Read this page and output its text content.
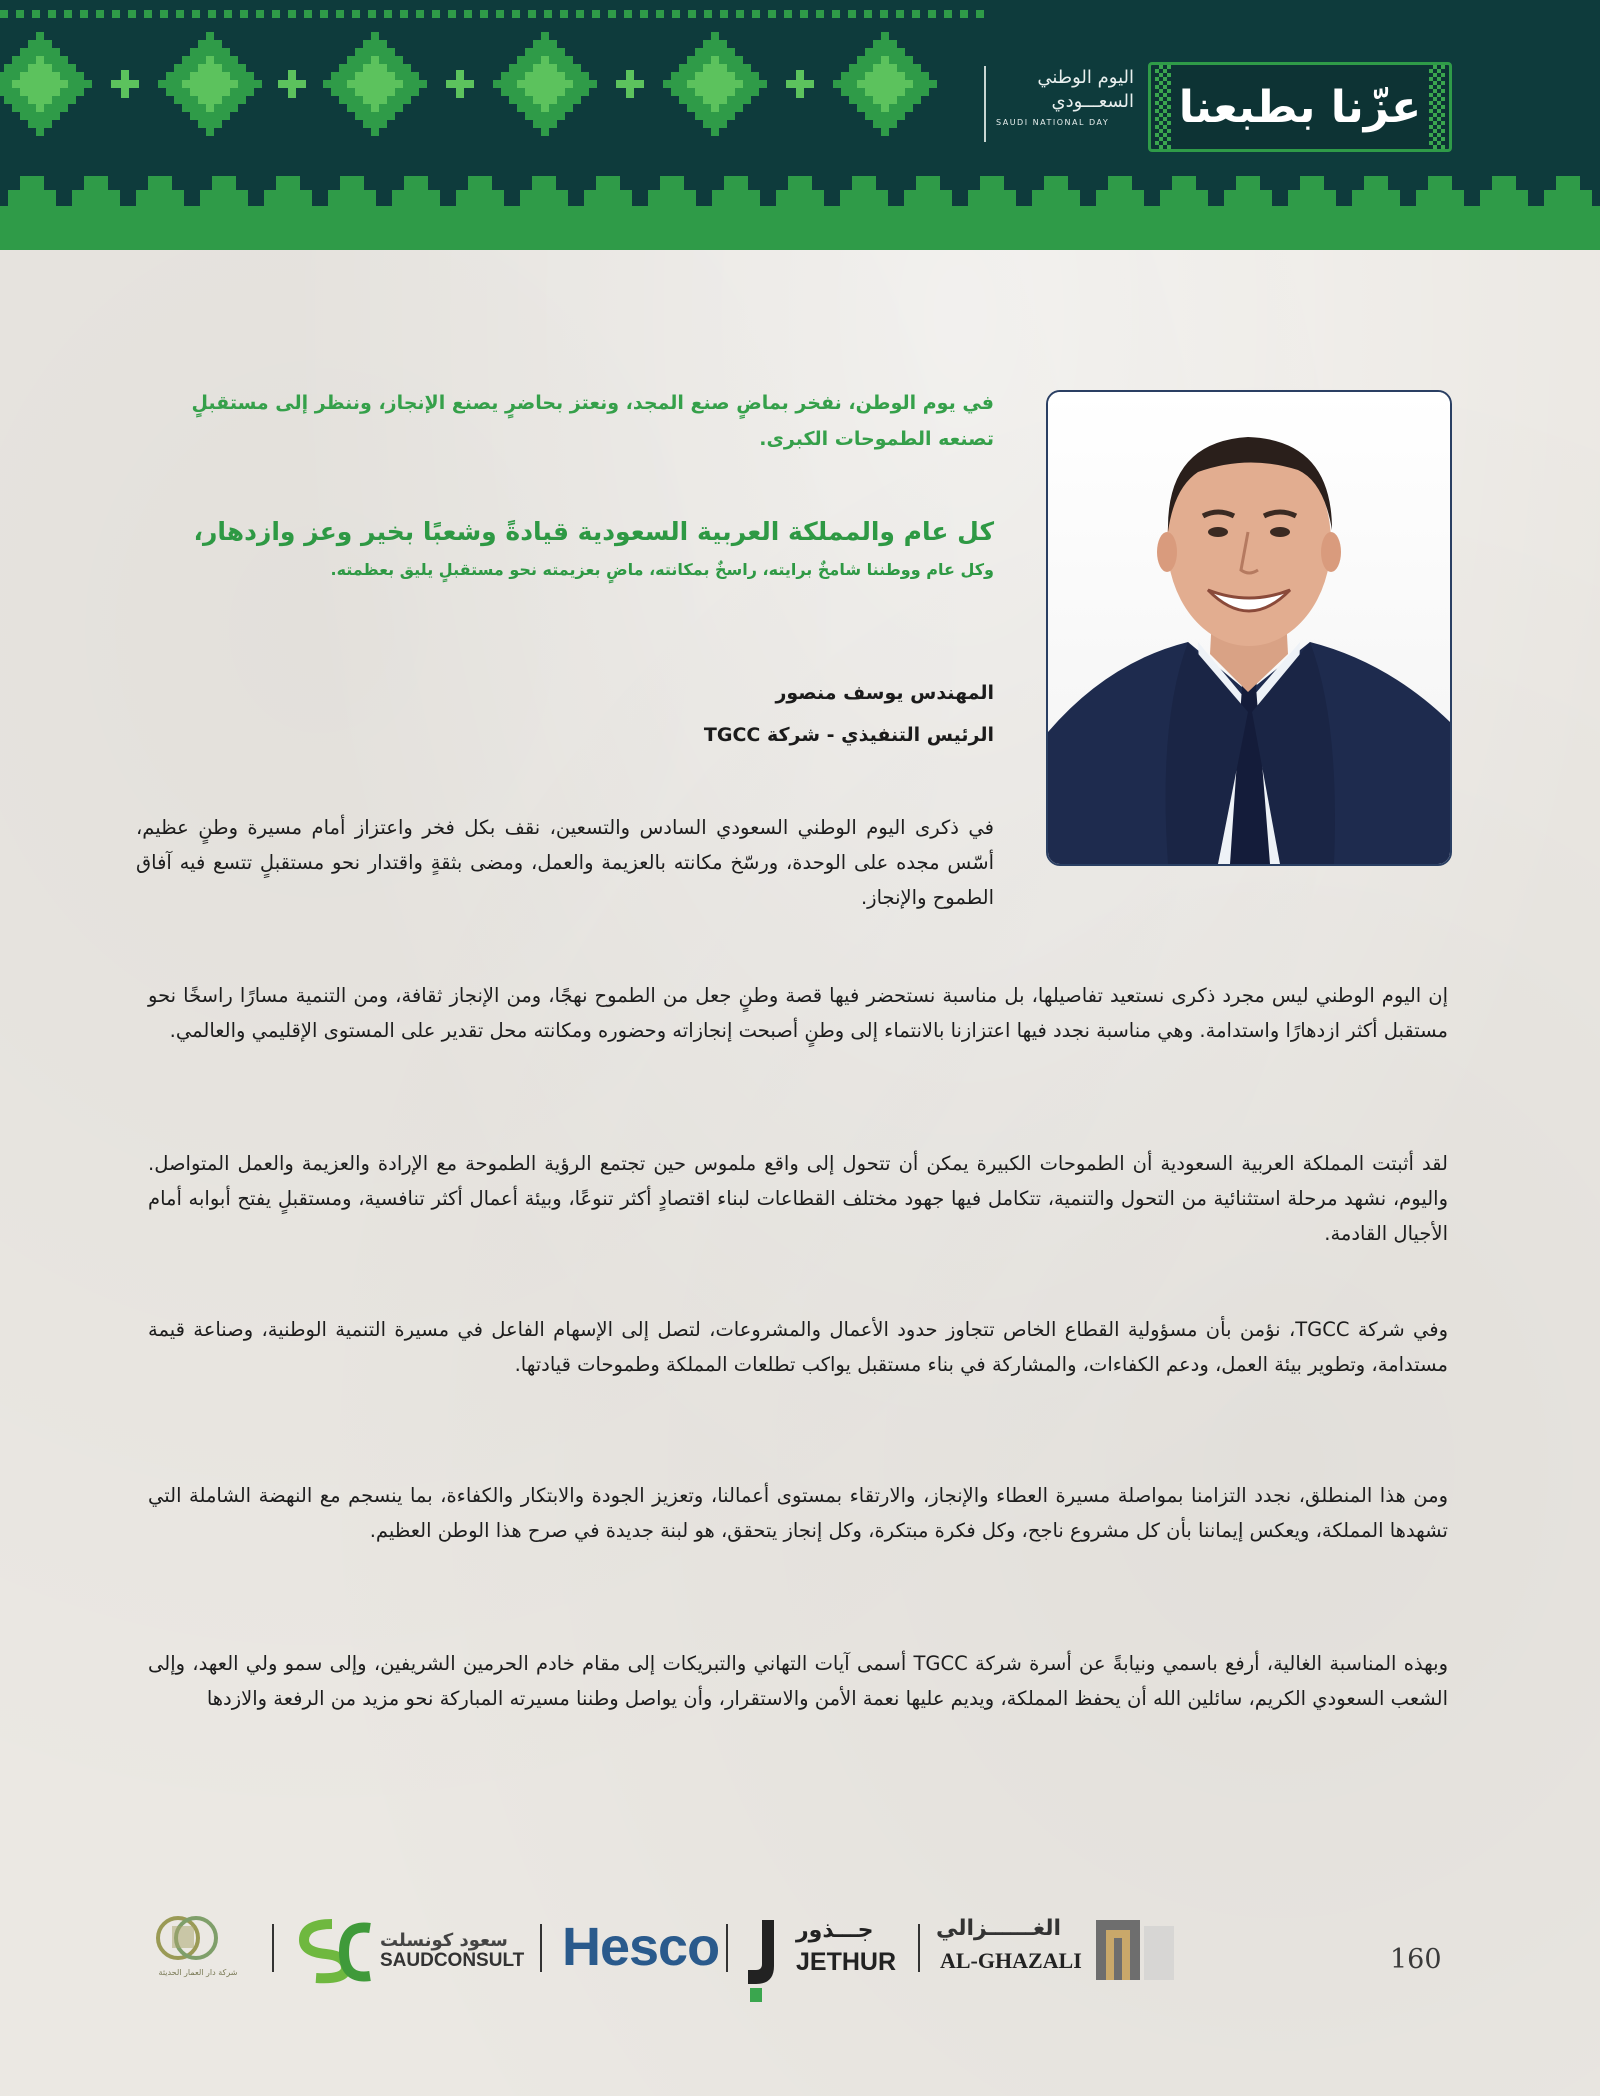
اليوم الوطني
السعـــودي
SAUDI NATIONAL DAY	عزّنا بطبعنا
في يوم الوطن، نفخر بماضٍ صنع المجد، ونعتز بحاضرٍ يصنع الإنجاز، وننظر إلى مستقبلٍ تصنعه الطموحات الكبرى.
كل عام والمملكة العربية السعودية قيادةً وشعبًا بخير وعز وازدهار،
وكل عام ووطننا شامخٌ برايته، راسخٌ بمكانته، ماضٍ بعزيمته نحو مستقبلٍ يليق بعظمته.
المهندس يوسف منصور
الرئيس التنفيذي - شركة TGCC
في ذكرى اليوم الوطني السعودي السادس والتسعين، نقف بكل فخر واعتزاز أمام مسيرة وطنٍ عظيم، أسّس مجده على الوحدة، ورسّخ مكانته بالعزيمة والعمل، ومضى بثقةٍ واقتدار نحو مستقبلٍ تتسع فيه آفاق الطموح والإنجاز.
إن اليوم الوطني ليس مجرد ذكرى نستعيد تفاصيلها، بل مناسبة نستحضر فيها قصة وطنٍ جعل من الطموح نهجًا، ومن الإنجاز ثقافة، ومن التنمية مسارًا راسخًا نحو مستقبل أكثر ازدهارًا واستدامة. وهي مناسبة نجدد فيها اعتزازنا بالانتماء إلى وطنٍ أصبحت إنجازاته وحضوره ومكانته محل تقدير على المستوى الإقليمي والعالمي.
لقد أثبتت المملكة العربية السعودية أن الطموحات الكبيرة يمكن أن تتحول إلى واقع ملموس حين تجتمع الرؤية الطموحة مع الإرادة والعزيمة والعمل المتواصل. واليوم، نشهد مرحلة استثنائية من التحول والتنمية، تتكامل فيها جهود مختلف القطاعات لبناء اقتصادٍ أكثر تنوعًا، وبيئة أعمال أكثر تنافسية، ومستقبلٍ يفتح أبوابه أمام الأجيال القادمة.
وفي شركة TGCC، نؤمن بأن مسؤولية القطاع الخاص تتجاوز حدود الأعمال والمشروعات، لتصل إلى الإسهام الفاعل في مسيرة التنمية الوطنية، وصناعة قيمة مستدامة، وتطوير بيئة العمل، ودعم الكفاءات، والمشاركة في بناء مستقبل يواكب تطلعات المملكة وطموحات قيادتها.
ومن هذا المنطلق، نجدد التزامنا بمواصلة مسيرة العطاء والإنجاز، والارتقاء بمستوى أعمالنا، وتعزيز الجودة والابتكار والكفاءة، بما ينسجم مع النهضة الشاملة التي تشهدها المملكة، ويعكس إيماننا بأن كل مشروع ناجح، وكل فكرة مبتكرة، وكل إنجاز يتحقق، هو لبنة جديدة في صرح هذا الوطن العظيم.
وبهذه المناسبة الغالية، أرفع باسمي ونيابةً عن أسرة شركة TGCC أسمى آيات التهاني والتبريكات إلى مقام خادم الحرمين الشريفين، وإلى سمو ولي العهد، وإلى الشعب السعودي الكريم، سائلين الله أن يحفظ المملكة، ويديم عليها نعمة الأمن والاستقرار، وأن يواصل وطننا مسيرته المباركة نحو مزيد من الرفعة والازدها
160
شركة دار العمار الحديثة
سعود كونسلت
SAUDCONSULT Hesco	جـــذور
JETHUR
الغــــــزالي
AL-GHAZALI
